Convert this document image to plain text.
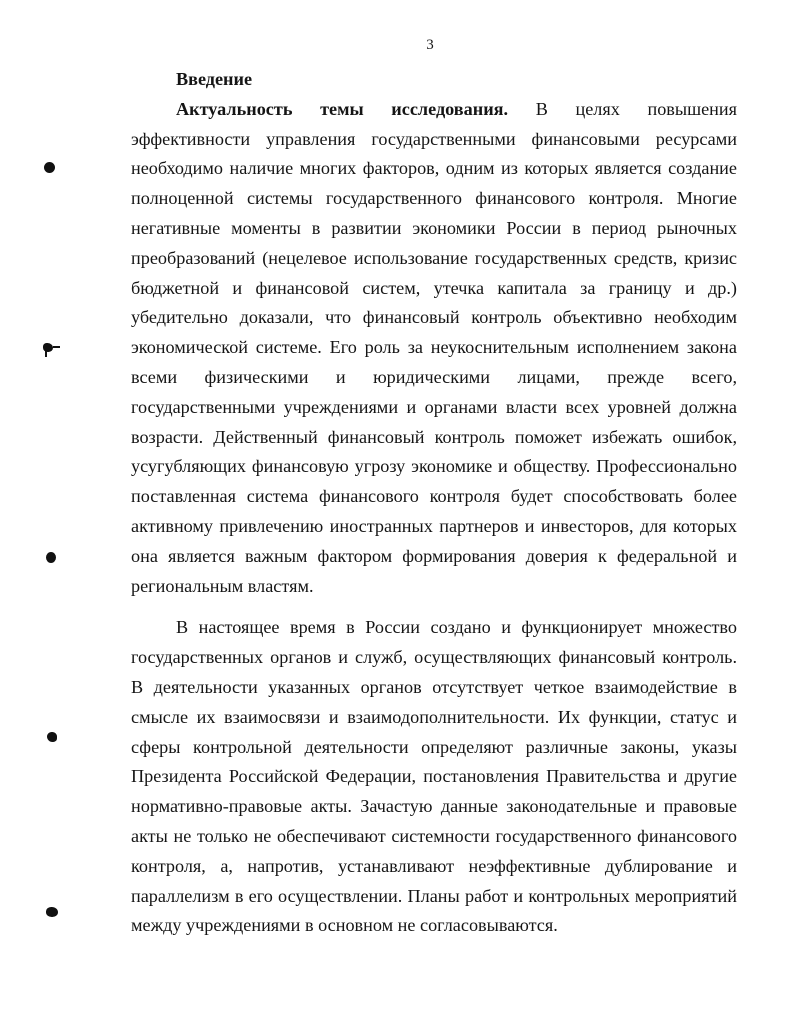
3

Введение

Актуальность темы исследования. В целях повышения эффективности управления государственными финансовыми ресурсами необходимо наличие многих факторов, одним из которых является создание полноценной системы государственного финансового контроля. Многие негативные моменты в развитии экономики России в период рыночных преобразований (нецелевое использование государственных средств, кризис бюджетной и финансовой систем, утечка капитала за границу и др.) убедительно доказали, что финансовый контроль объективно необходим экономической системе. Его роль за неукоснительным исполнением закона всеми физическими и юридическими лицами, прежде всего, государственными учреждениями и органами власти всех уровней должна возрасти. Действенный финансовый контроль поможет избежать ошибок, усугубляющих финансовую угрозу экономике и обществу. Профессионально поставленная система финансового контроля будет способствовать более активному привлечению иностранных партнеров и инвесторов, для которых она является важным фактором формирования доверия к федеральной и региональным властям.

В настоящее время в России создано и функционирует множество государственных органов и служб, осуществляющих финансовый контроль. В деятельности указанных органов отсутствует четкое взаимодействие в смысле их взаимосвязи и взаимодополнительности. Их функции, статус и сферы контрольной деятельности определяют различные законы, указы Президента Российской Федерации, постановления Правительства и другие нормативно-правовые акты. Зачастую данные законодательные и правовые акты не только не обеспечивают системности государственного финансового контроля, а, напротив, устанавливают неэффективные дублирование и параллелизм в его осуществлении. Планы работ и контрольных мероприятий между учреждениями в основном не согласовываются.
